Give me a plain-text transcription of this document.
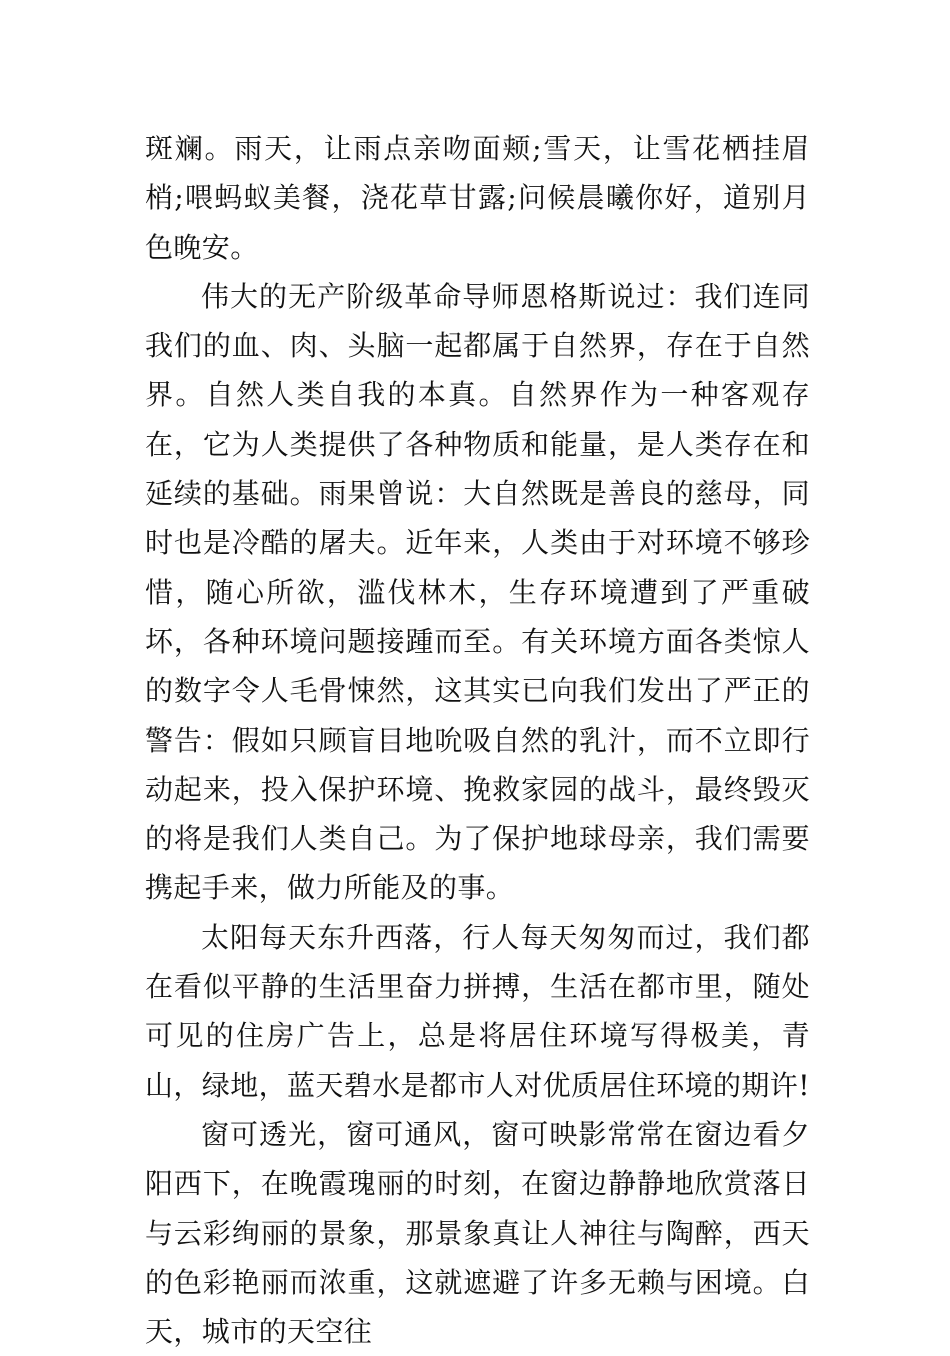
斑斓。雨天，让雨点亲吻面颊;雪天，让雪花栖挂眉梢;喂蚂蚁美餐，浇花草甘露;问候晨曦你好，道别月色晚安。

伟大的无产阶级革命导师恩格斯说过：我们连同我们的血、肉、头脑一起都属于自然界，存在于自然界。自然人类自我的本真。自然界作为一种客观存在，它为人类提供了各种物质和能量，是人类存在和延续的基础。雨果曾说：大自然既是善良的慈母，同时也是冷酷的屠夫。近年来，人类由于对环境不够珍惜，随心所欲，滥伐林木，生存环境遭到了严重破坏，各种环境问题接踵而至。有关环境方面各类惊人的数字令人毛骨悚然，这其实已向我们发出了严正的警告：假如只顾盲目地吮吸自然的乳汁，而不立即行动起来，投入保护环境、挽救家园的战斗，最终毁灭的将是我们人类自己。为了保护地球母亲，我们需要携起手来，做力所能及的事。

太阳每天东升西落，行人每天匆匆而过，我们都在看似平静的生活里奋力拼搏，生活在都市里，随处可见的住房广告上，总是将居住环境写得极美，青山，绿地，蓝天碧水是都市人对优质居住环境的期许!

窗可透光，窗可通风，窗可映影常常在窗边看夕阳西下，在晚霞瑰丽的时刻，在窗边静静地欣赏落日与云彩绚丽的景象，那景象真让人神往与陶醉，西天的色彩艳丽而浓重，这就遮避了许多无赖与困境。白天，城市的天空往
